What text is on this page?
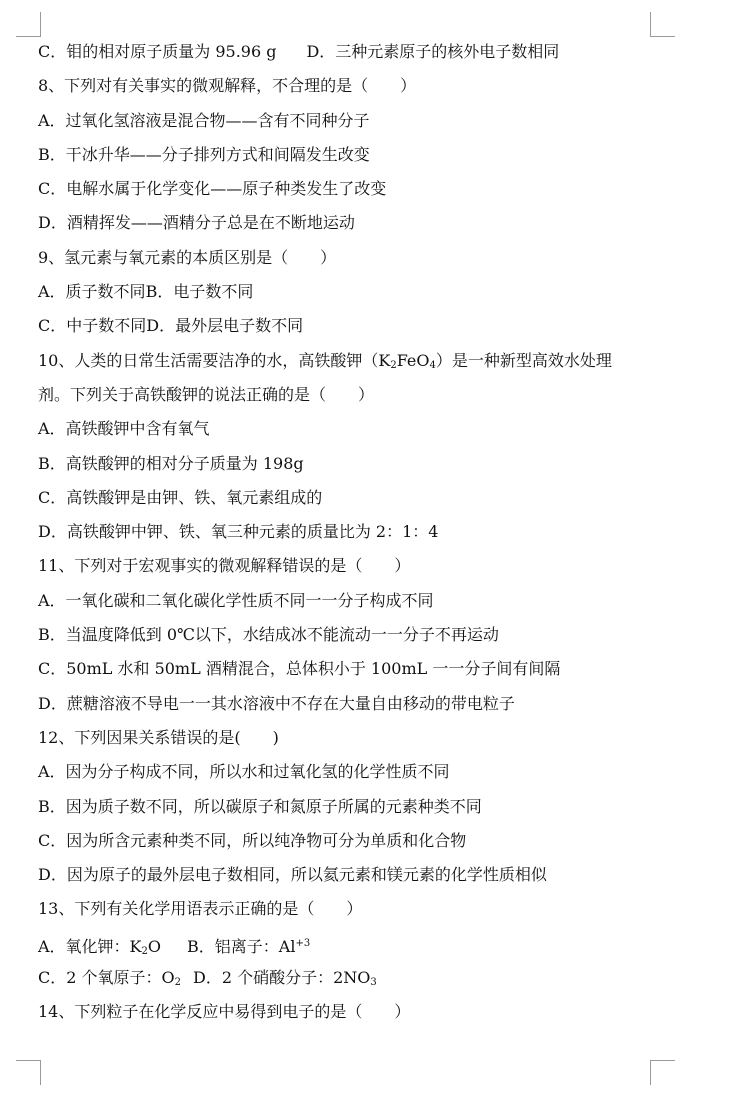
C．钼的相对原子质量为 95.96 g D．三种元素原子的核外电子数相同
8、下列对有关事实的微观解释，不合理的是（　　）
A．过氧化氢溶液是混合物——含有不同种分子
B．干冰升华——分子排列方式和间隔发生改变
C．电解水属于化学变化——原子种类发生了改变
D．酒精挥发——酒精分子总是在不断地运动
9、氢元素与氧元素的本质区别是（　　）
A．质子数不同B．电子数不同
C．中子数不同D．最外层电子数不同
10、人类的日常生活需要洁净的水，高铁酸钾$(K_2FeO_4)$是一种新型高效水处理
剂。下列关于高铁酸钾的说法正确的是（　　）
A．高铁酸钾中含有氧气
B．高铁酸钾的相对分子质量为 198g
C．高铁酸钾是由钾、铁、氧元素组成的
D．高铁酸钾中钾、铁、氧三种元素的质量比为 2：1：4
11、下列对于宏观事实的微观解释错误的是（　　）
A．一氧化碳和二氧化碳化学性质不同一一分子构成不同
B．当温度降低到 0℃以下，水结成冰不能流动一一分子不再运动
C．50mL 水和 50mL 酒精混合，总体积小于 100mL 一一分子间有间隔
D．蔗糖溶液不导电一一其水溶液中不存在大量自由移动的带电粒子
12、下列因果关系错误的是(　　)
A．因为分子构成不同，所以水和过氧化氢的化学性质不同
B．因为质子数不同，所以碳原子和氮原子所属的元素种类不同
C．因为所含元素种类不同，所以纯净物可分为单质和化合物
D．因为原子的最外层电子数相同，所以氦元素和镁元素的化学性质相似
13、下列有关化学用语表示正确的是（　　）
A．氧化钾：$K_2O$ B．铝离子：$Al^{+3}$
C．2 个氧原子：$O_2$ D．2 个硝酸分子：$2NO_3$
14、下列粒子在化学反应中易得到电子的是（　　）
